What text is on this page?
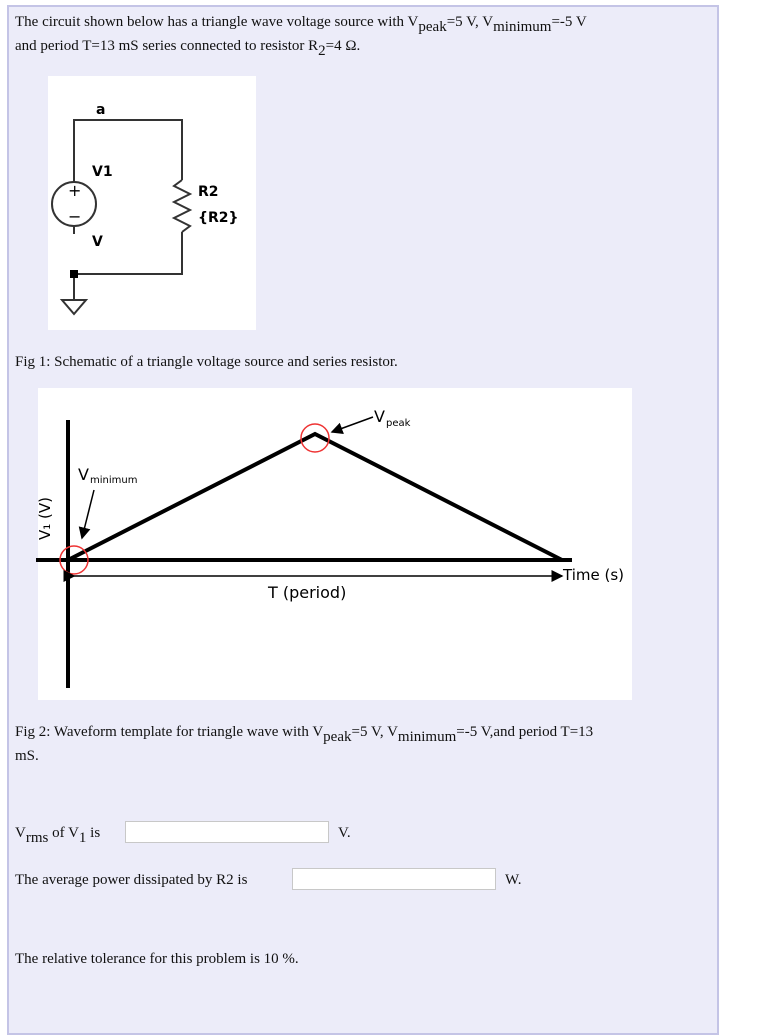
The circuit shown below has a triangle wave voltage source with $V_{peak}=5$ V, $V_{minimum}=-5$ V
and period T=13 mS series connected to resistor $R_2=4$ Ω.
a
V1
V
R2
{R2}
+
−
Fig 1: Schematic of a triangle voltage source and series resistor.
V peak
V minimum
V₁ (V)
Time (s)
T (period)
Fig 2: Waveform template for triangle wave with $V_{peak}=5$ V, $V_{minimum}=-5$ V,and period T=13
mS.
$V_{rms}$ of $V_1$ is	V.
The average power dissipated by R2 is	W.
The relative tolerance for this problem is 10 %.
